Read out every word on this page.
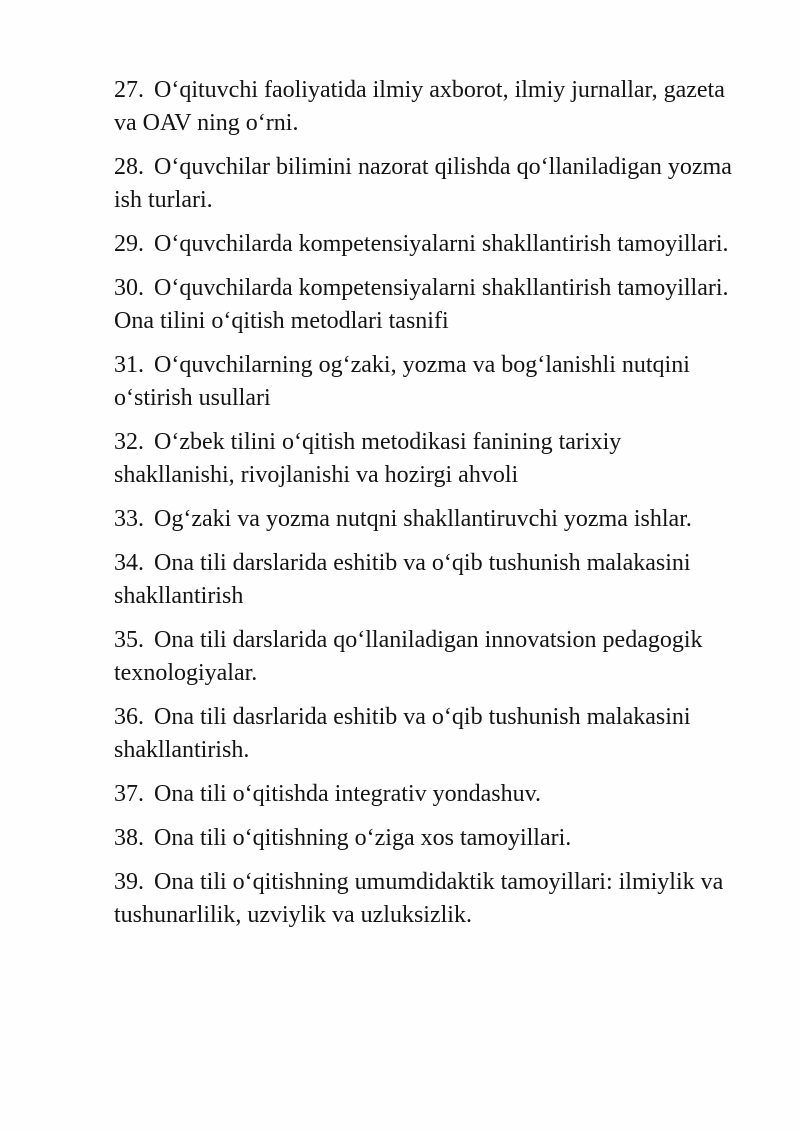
27. O‘qituvchi faoliyatida ilmiy axborot, ilmiy jurnallar, gazeta va OAV ning o‘rni.
28. O‘quvchilar bilimini nazorat qilishda qo‘llaniladigan yozma ish turlari.
29. O‘quvchilarda kompetensiyalarni shakllantirish tamoyillari.
30. O‘quvchilarda kompetensiyalarni shakllantirish tamoyillari. Ona tilini o‘qitish metodlari tasnifi
31. O‘quvchilarning og‘zaki, yozma va bog‘lanishli nutqini o‘stirish usullari
32. O‘zbek tilini o‘qitish metodikasi fanining tarixiy shakllanishi, rivojlanishi va hozirgi ahvoli
33. Og‘zaki va yozma nutqni shakllantiruvchi yozma ishlar.
34. Ona tili darslarida eshitib va o‘qib tushunish malakasini shakllantirish
35. Ona tili darslarida qo‘llaniladigan innovatsion pedagogik texnologiyalar.
36. Ona tili dasrlarida eshitib va o‘qib tushunish malakasini shakllantirish.
37. Ona tili o‘qitishda integrativ yondashuv.
38. Ona tili o‘qitishning o‘ziga xos tamoyillari.
39. Ona tili o‘qitishning umumdidaktik tamoyillari: ilmiylik va tushunarlilik, uzviylik va uzluksizlik.
